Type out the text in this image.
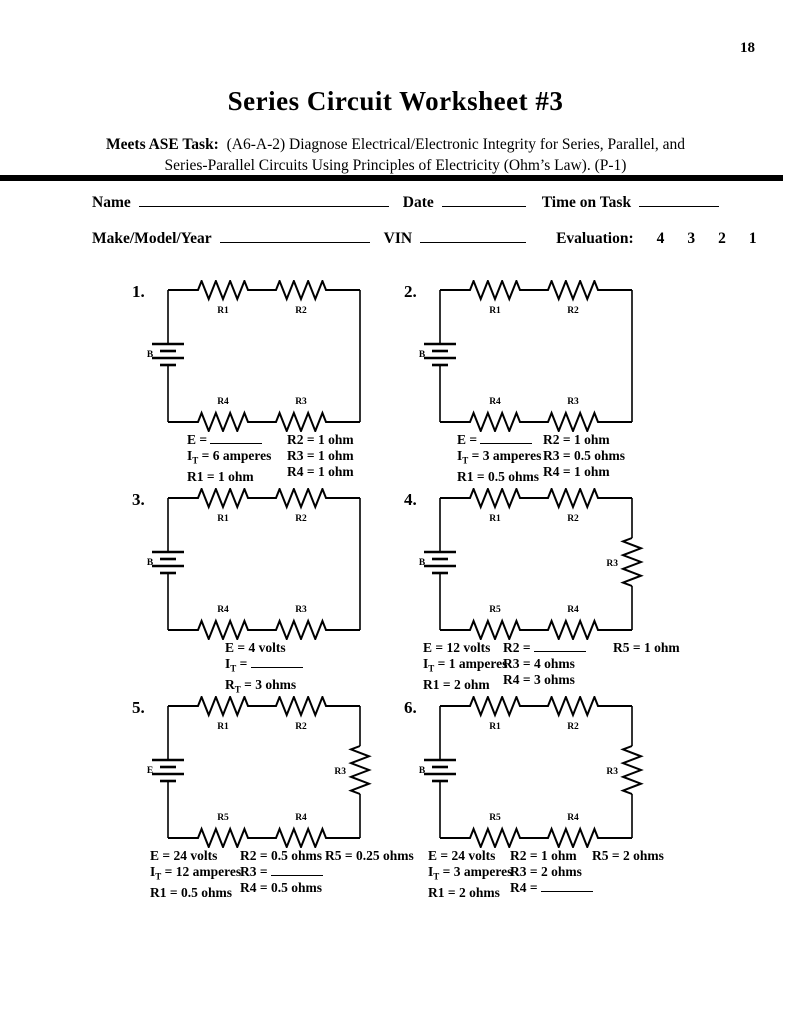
18
Series Circuit Worksheet #3
Meets ASE Task: (A6-A-2) Diagnose Electrical/Electronic Integrity for Series, Parallel, and
Series-Parallel Circuits Using Principles of Electricity (Ohm’s Law). (P-1)
Name	Date	Time on Task
Make/Model/Year	VIN	Evaluation: 4 3 2 1
1.
R1	R2
R4	R3
B
E =
$I_T = 6$ amperes
R1 = 1 ohm
R2 = 1 ohm
R3 = 1 ohm
R4 = 1 ohm
2.
R1	R2
R4	R3
B
E =
$I_T = 3$ amperes
R1 = 0.5 ohms
R2 = 1 ohm
R3 = 0.5 ohms
R4 = 1 ohm
3.
R1	R2
R4	R3
B
E = 4 volts
$I_T$ =
$R_T = 3$ ohms
4.
R1	R2
R5	R4
B	R3
E = 12 volts
$I_T = 1$ amperes
R1 = 2 ohm
R2 =
R3 = 4 ohms
R4 = 3 ohms
R5 = 1 ohm
5.
R1	R2
R5	R4
E	R3
E = 24 volts
$I_T = 12$ amperes
R1 = 0.5 ohms
R2 = 0.5 ohms
R3 =
R4 = 0.5 ohms
R5 = 0.25 ohms
6.
R1	R2
R5	R4
B	R3
E = 24 volts
$I_T = 3$ amperes
R1 = 2 ohms
R2 = 1 ohm
R3 = 2 ohms
R4 =
R5 = 2 ohms
